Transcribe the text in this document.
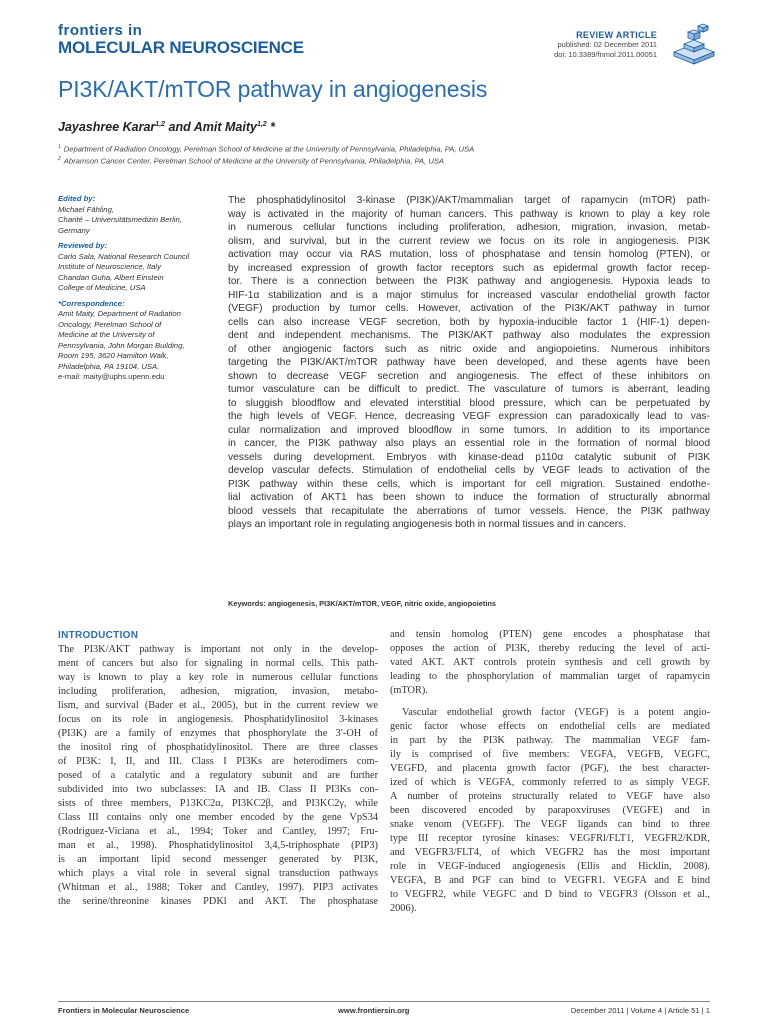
frontiers in
MOLECULAR NEUROSCIENCE
REVIEW ARTICLE
published: 02 December 2011
doi: 10.3389/fnmol.2011.00051
PI3K/AKT/mTOR pathway in angiogenesis
Jayashree Karar$^{1,2}$ and Amit Maity$^{1,2}$ *
$^1$ Department of Radiation Oncology, Perelman School of Medicine at the University of Pennsylvania, Philadelphia, PA, USA
$^2$ Abramson Cancer Center, Perelman School of Medicine at the University of Pennsylvania, Philadelphia, PA, USA
Edited by:
Michael Fähling,
Charité – Universitätsmedizin Berlin,
Germany
Reviewed by:
Carlo Sala, National Research Council
Institute of Neuroscience, Italy
Chandan Guha, Albert Einstein
College of Medicine, USA
*Correspondence:
Amit Maity, Department of Radiation
Oncology, Perelman School of
Medicine at the University of
Pennsylvania, John Morgan Building,
Room 195, 3620 Hamilton Walk,
Philadelphia, PA 19104, USA.
e-mail: maity@uphs.upenn.edu
The phosphatidylinositol 3-kinase (PI3K)/AKT/mammalian target of rapamycin (mTOR) path-
way is activated in the majority of human cancers. This pathway is known to play a key role
in numerous cellular functions including proliferation, adhesion, migration, invasion, metab-
olism, and survival, but in the current review we focus on its role in angiogenesis. PI3K
activation may occur via RAS mutation, loss of phosphatase and tensin homolog (PTEN), or
by increased expression of growth factor receptors such as epidermal growth factor recep-
tor. There is a connection between the PI3K pathway and angiogenesis. Hypoxia leads to
HIF-1α stabilization and is a major stimulus for increased vascular endothelial growth factor
(VEGF) production by tumor cells. However, activation of the PI3K/AKT pathway in tumor
cells can also increase VEGF secretion, both by hypoxia-inducible factor 1 (HIF-1) depen-
dent and independent mechanisms. The PI3K/AKT pathway also modulates the expression
of other angiogenic factors such as nitric oxide and angiopoietins. Numerous inhibitors
targeting the PI3K/AKT/mTOR pathway have been developed, and these agents have been
shown to decrease VEGF secretion and angiogenesis. The effect of these inhibitors on
tumor vasculature can be difficult to predict. The vasculature of tumors is aberrant, leading
to sluggish bloodflow and elevated interstitial blood pressure, which can be perpetuated by
the high levels of VEGF. Hence, decreasing VEGF expression can paradoxically lead to vas-
cular normalization and improved bloodflow in some tumors. In addition to its importance
in cancer, the PI3K pathway also plays an essential role in the formation of normal blood
vessels during development. Embryos with kinase-dead p110α catalytic subunit of PI3K
develop vascular defects. Stimulation of endothelial cells by VEGF leads to activation of the
PI3K pathway within these cells, which is important for cell migration. Sustained endothe-
lial activation of AKT1 has been shown to induce the formation of structurally abnormal
blood vessels that recapitulate the aberrations of tumor vessels. Hence, the PI3K pathway
plays an important role in regulating angiogenesis both in normal tissues and in cancers.
Keywords: angiogenesis, PI3K/AKT/mTOR, VEGF, nitric oxide, angiopoietins
INTRODUCTION
The PI3K/AKT pathway is important not only in the develop-
ment of cancers but also for signaling in normal cells. This path-
way is known to play a key role in numerous cellular functions
including proliferation, adhesion, migration, invasion, metabo-
lism, and survival (Bader et al., 2005), but in the current review we
focus on its role in angiogenesis. Phosphatidylinositol 3-kinases
(PI3K) are a family of enzymes that phosphorylate the 3′-OH of
the inositol ring of phosphatidylinositol. There are three classes
of PI3K: I, II, and III. Class I PI3Ks are heterodimers com-
posed of a catalytic and a regulatory subunit and are further
subdivided into two subclasses: IA and IB. Class II PI3Ks con-
sists of three members, P13KC2α, PI3KC2β, and PI3KC2γ, while
Class III contains only one member encoded by the gene VpS34
(Rodriguez-Viciana et al., 1994; Toker and Cantley, 1997; Fru-
man et al., 1998). Phosphatidylinositol 3,4,5-triphosphate (PIP3)
is an important lipid second messenger generated by PI3K,
which plays a vital role in several signal transduction pathways
(Whitman et al., 1988; Toker and Cantley, 1997). PIP3 activates
the serine/threonine kinases PDKl and AKT. The phosphatase
and tensin homolog (PTEN) gene encodes a phosphatase that
opposes the action of PI3K, thereby reducing the level of acti-
vated AKT. AKT controls protein synthesis and cell growth by
leading to the phosphorylation of mammalian target of rapamycin
(mTOR).
Vascular endothelial growth factor (VEGF) is a potent angio-
genic factor whose effects on endothelial cells are mediated
in part by the PI3K pathway. The mammalian VEGF fam-
ily is comprised of five members: VEGFA, VEGFB, VEGFC,
VEGFD, and placenta growth factor (PGF), the best character-
ized of which is VEGFA, commonly referred to as simply VEGF.
A number of proteins structurally related to VEGF have also
been discovered encoded by parapoxviruses (VEGFE) and in
snake venom (VEGFF). The VEGF ligands can bind to three
type III receptor tyrosine kinases: VEGFRl/FLT1, VEGFR2/KDR,
and VEGFR3/FLT4, of which VEGFR2 has the most important
role in VEGF-induced angiogenesis (Ellis and Hicklin, 2008).
VEGFA, B and PGF can bind to VEGFR1. VEGFA and E bind
to VEGFR2, while VEGFC and D bind to VEGFR3 (Olsson et al.,
2006).
Frontiers in Molecular Neuroscience	www.frontiersin.org	December 2011 | Volume 4 | Article 51 | 1
